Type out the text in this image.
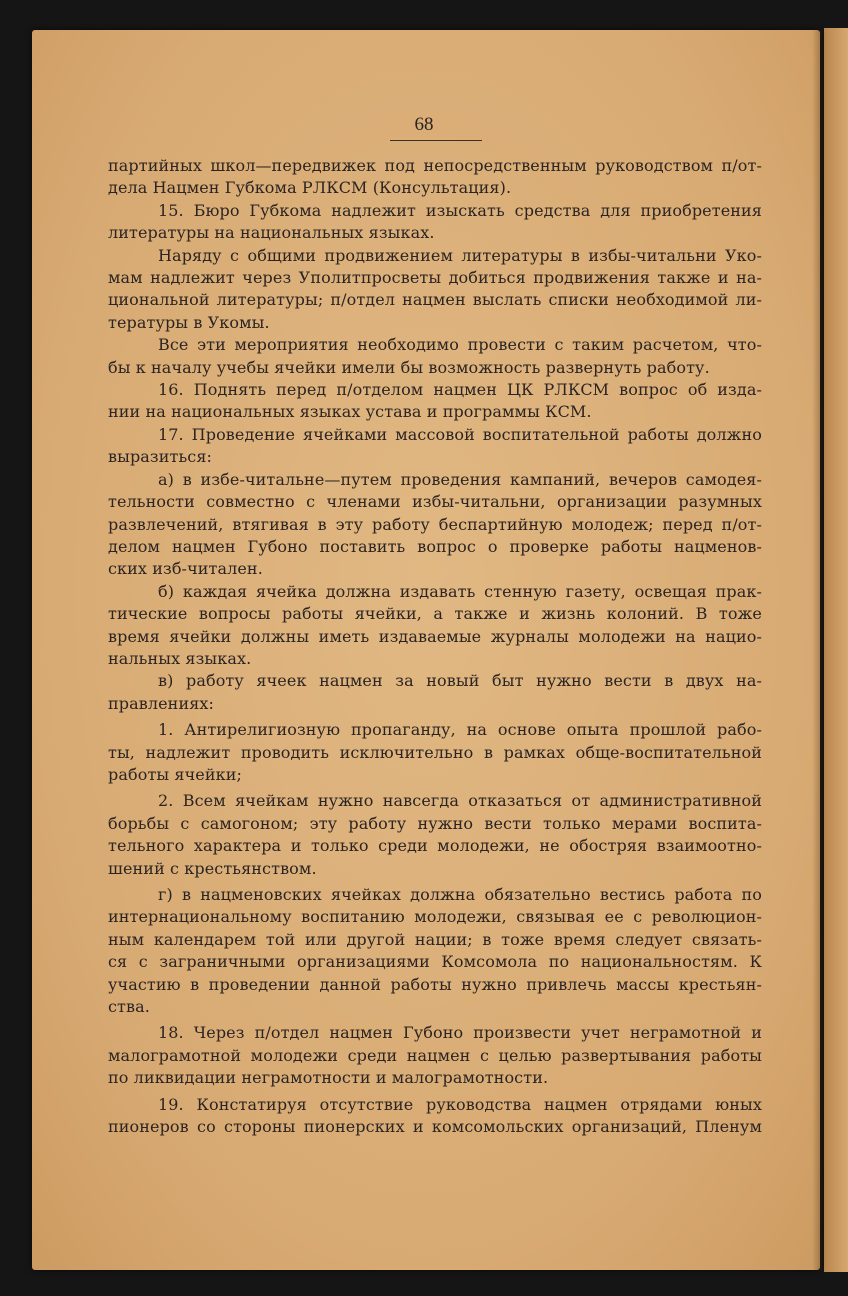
68
партийных школ—передвижек под непосредственным руководством п/от-
дела Нацмен Губкома РЛКСМ (Консультация).
15. Бюро Губкома надлежит изыскать средства для приобретения
литературы на национальных языках.
Наряду с общими продвижением литературы в избы-читальни Уко-
мам надлежит через Уполитпросветы добиться продвижения также и на-
циональной литературы; п/отдел нацмен выслать списки необходимой ли-
тературы в Укомы.
Все эти мероприятия необходимо провести с таким расчетом, что-
бы к началу учебы ячейки имели бы возможность развернуть работу.
16. Поднять перед п/отделом нацмен ЦК РЛКСМ вопрос об изда-
нии на национальных языках устава и программы КСМ.
17. Проведение ячейками массовой воспитательной работы должно
выразиться:
а) в избе-читальне—путем проведения кампаний, вечеров самодея-
тельности совместно с членами избы-читальни, организации разумных
развлечений, втягивая в эту работу беспартийную молодеж; перед п/от-
делом нацмен Губоно поставить вопрос о проверке работы нацменов-
ских изб-читален.
б) каждая ячейка должна издавать стенную газету, освещая прак-
тические вопросы работы ячейки, а также и жизнь колоний. В тоже
время ячейки должны иметь издаваемые журналы молодежи на нацио-
нальных языках.
в) работу ячеек нацмен за новый быт нужно вести в двух на-
правлениях:
1. Антирелигиозную пропаганду, на основе опыта прошлой рабо-
ты, надлежит проводить исключительно в рамках обще-воспитательной
работы ячейки;
2. Всем ячейкам нужно навсегда отказаться от административной
борьбы с самогоном; эту работу нужно вести только мерами воспита-
тельного характера и только среди молодежи, не обостряя взаимоотно-
шений с крестьянством.
г) в нацменовских ячейках должна обязательно вестись работа по
интернациональному воспитанию молодежи, связывая ее с революцион-
ным календарем той или другой нации; в тоже время следует связать-
ся с заграничными организациями Комсомола по национальностям. К
участию в проведении данной работы нужно привлечь массы крестьян-
ства.
18. Через п/отдел нацмен Губоно произвести учет неграмотной и
малограмотной молодежи среди нацмен с целью развертывания работы
по ликвидации неграмотности и малограмотности.
19. Констатируя отсутствие руководства нацмен отрядами юных
пионеров со стороны пионерских и комсомольских организаций, Пленум
